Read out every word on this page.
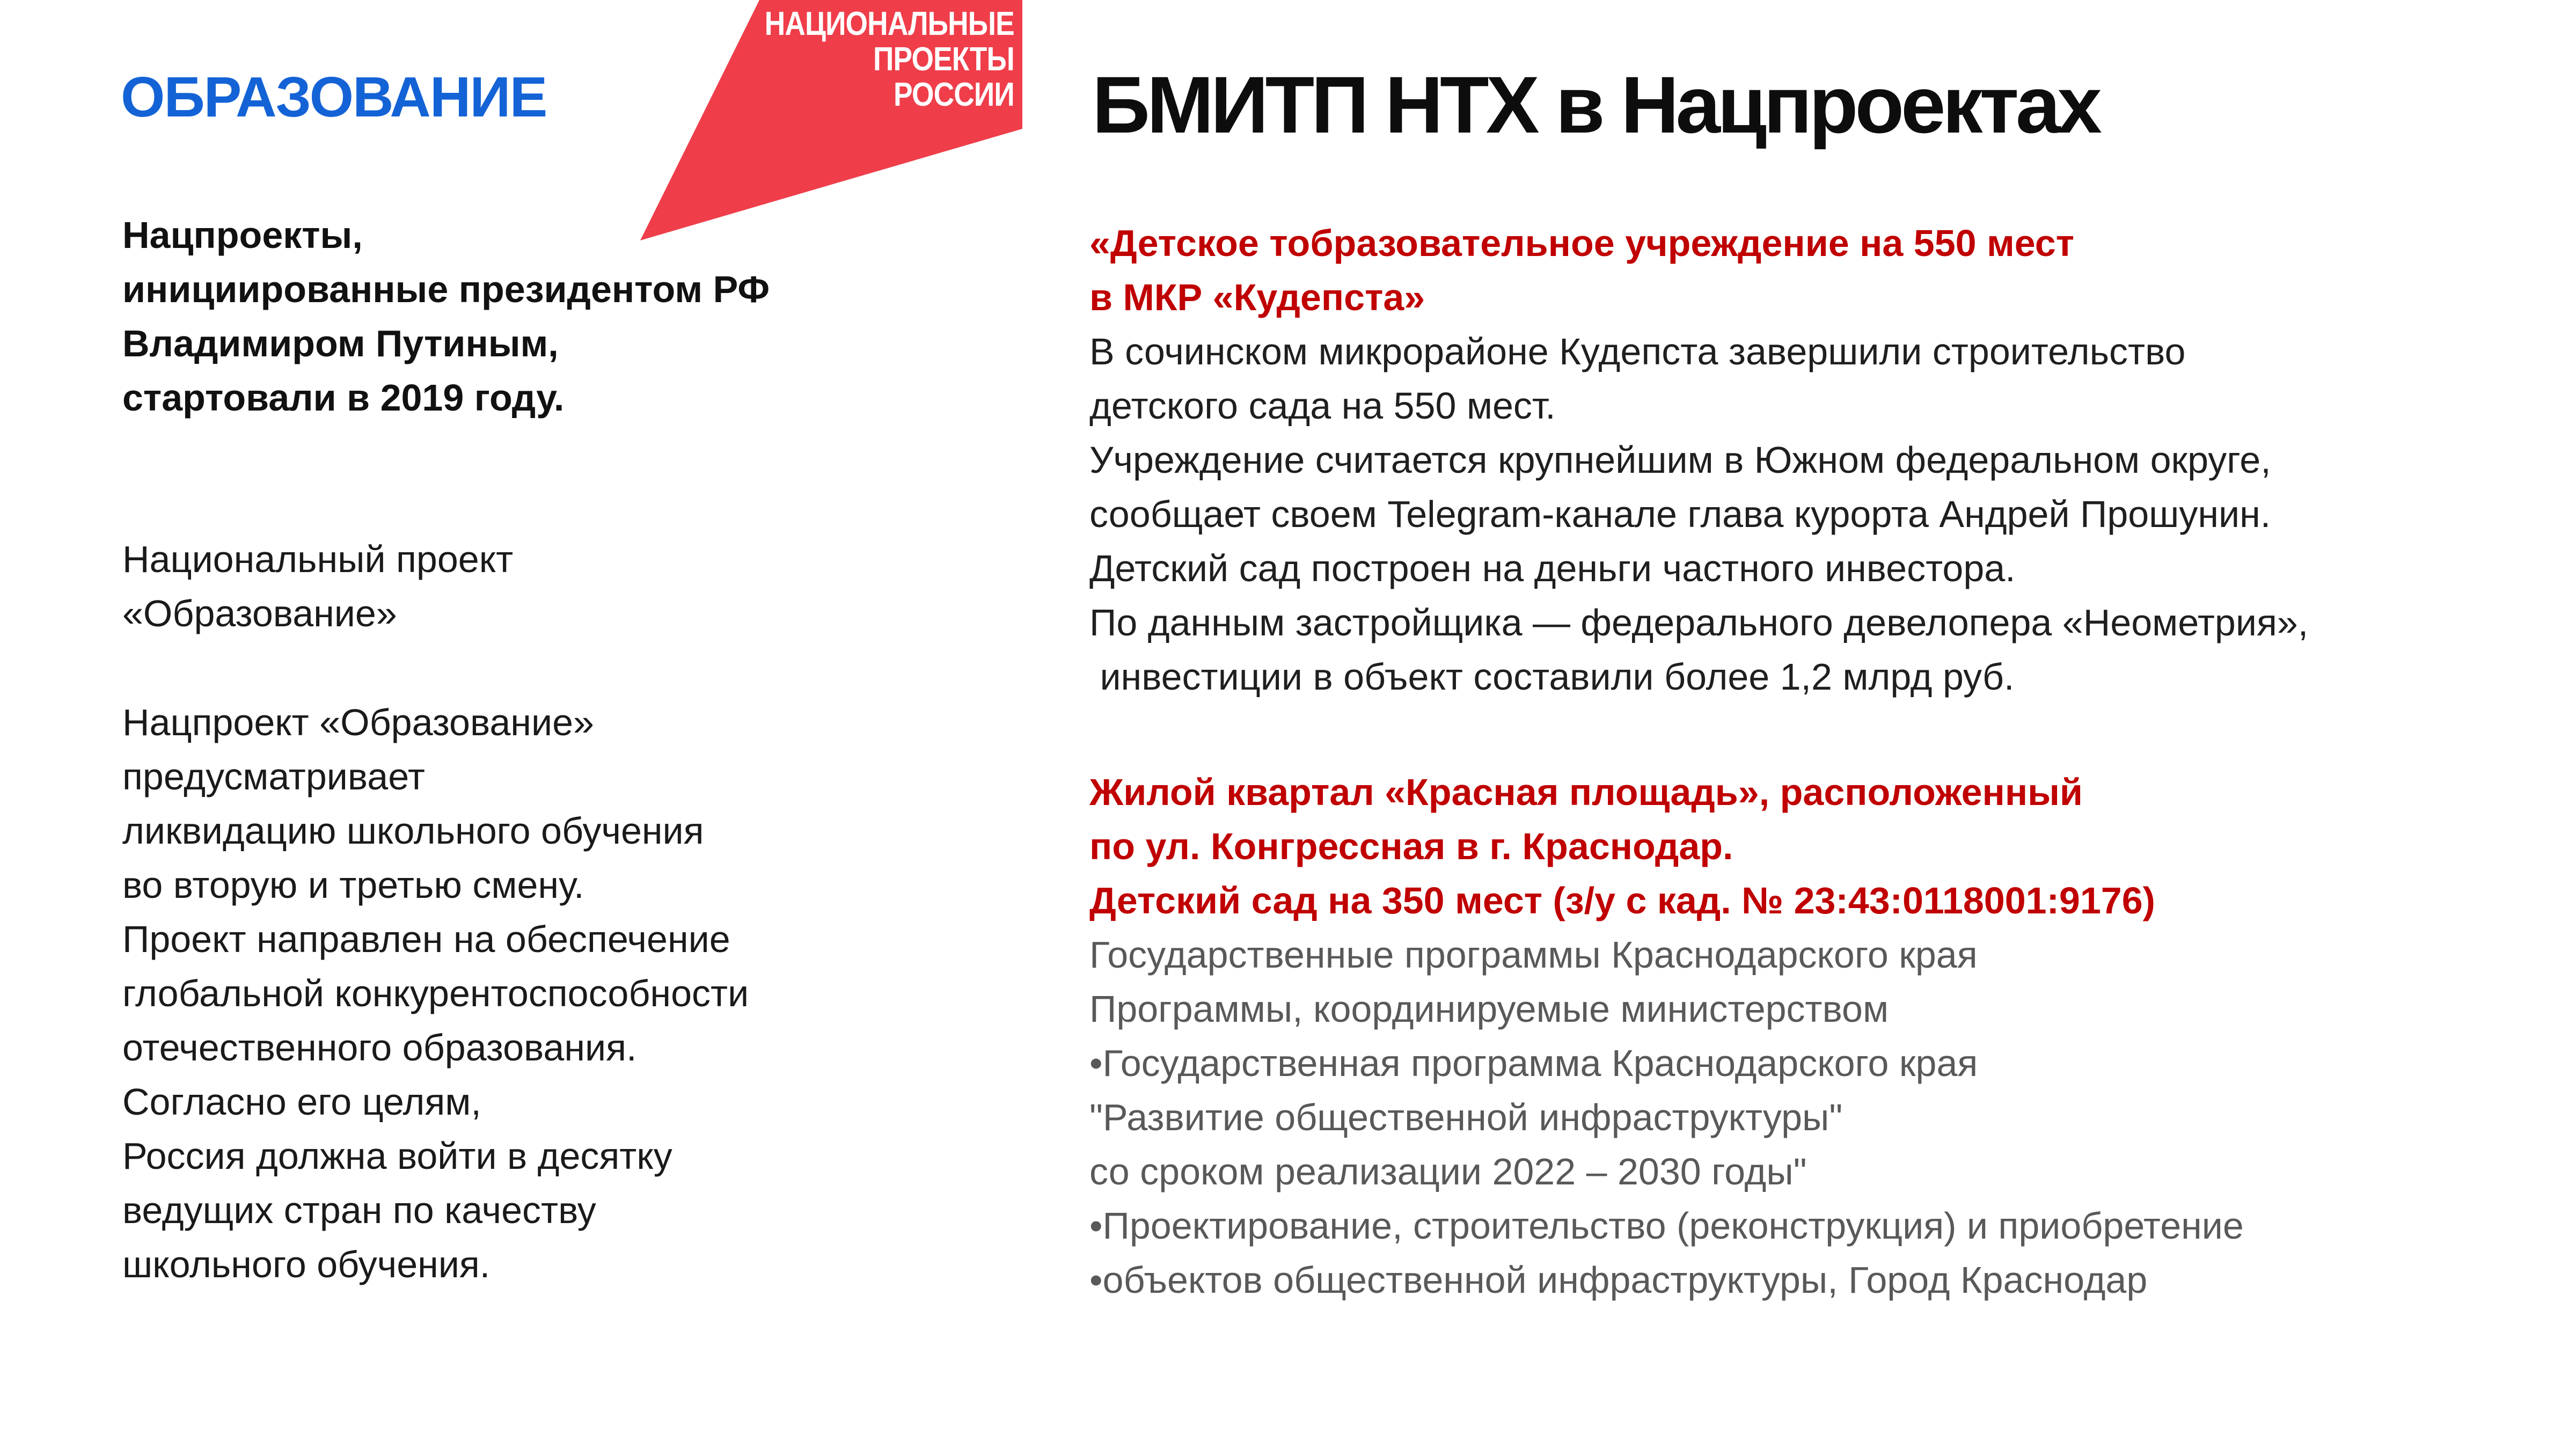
ОБРАЗОВАНИЕ
НАЦИОНАЛЬНЫЕ
ПРОЕКТЫ
РОССИИ БМИТП НТХ в Нацпроектах
Нацпроекты,
инициированные президентом РФ
Владимиром Путиным,
стартовали в 2019 году.
Национальный проект
«Образование»
Нацпроект «Образование»
предусматривает
ликвидацию школьного обучения
во вторую и третью смену.
Проект направлен на обеспечение
глобальной конкурентоспособности
отечественного образования.
Согласно его целям,
Россия должна войти в десятку
ведущих стран по качеству
школьного обучения.
«Детское тобразовательное учреждение на 550 мест
в МКР «Кудепста»
В сочинском микрорайоне Кудепста завершили строительство
детского сада на 550 мест.
Учреждение считается крупнейшим в Южном федеральном округе,
сообщает своем Telegram-канале глава курорта Андрей Прошунин.
Детский сад построен на деньги частного инвестора.
По данным застройщика — федерального девелопера «Неометрия»,
инвестиции в объект составили более 1,2 млрд руб.
Жилой квартал «Красная площадь», расположенный
по ул. Конгрессная в г. Краснодар.
Детский сад на 350 мест (з/у с кад. № 23:43:0118001:9176)
Государственные программы Краснодарского края
Программы, координируемые министерством
•Государственная программа Краснодарского края
"Развитие общественной инфраструктуры"
со сроком реализации 2022 – 2030 годы"
•Проектирование, строительство (реконструкция) и приобретение
•объектов общественной инфраструктуры, Город Краснодар
